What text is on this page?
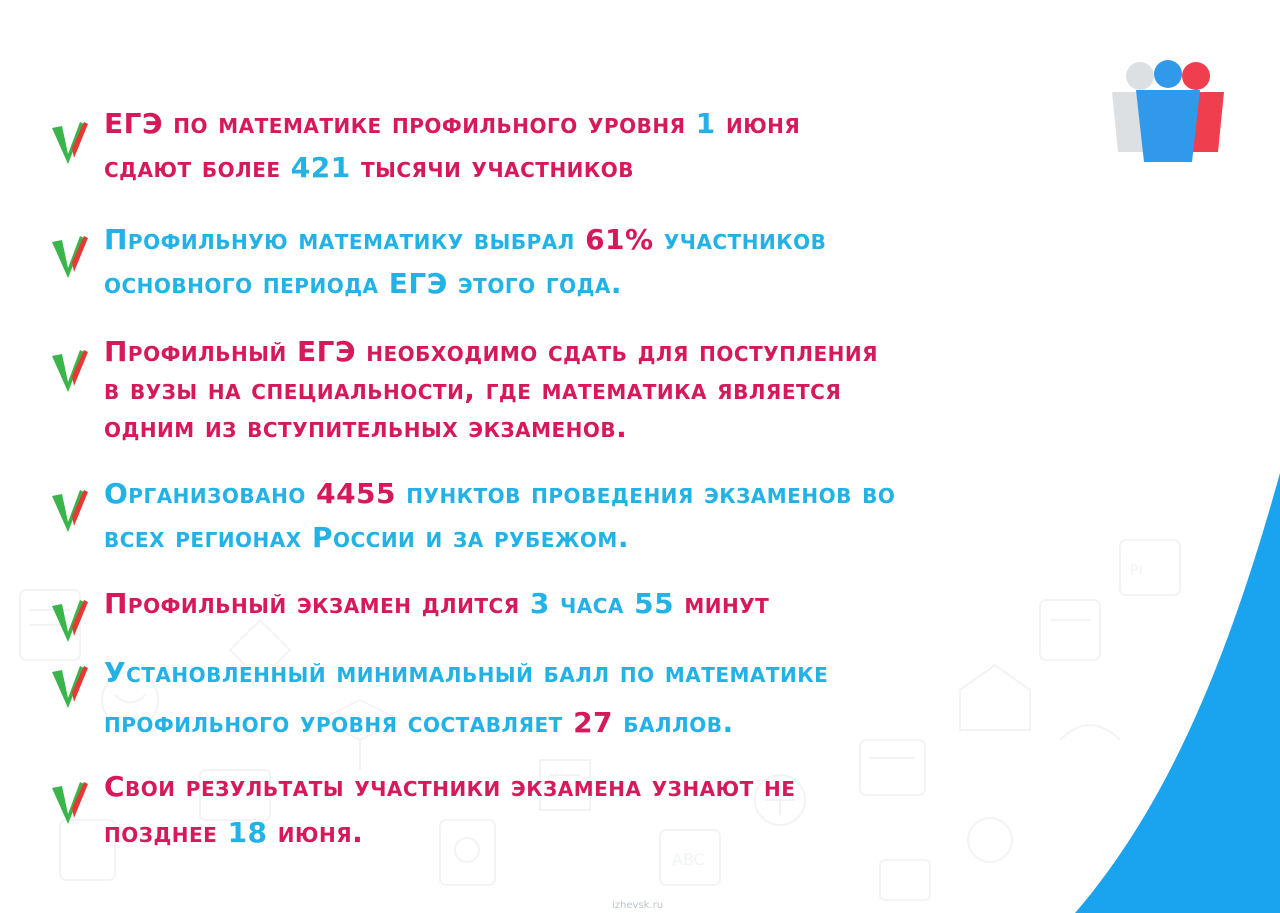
ABC
PI
ЕГЭ по математике профильного уровня 1 июня
сдают более 421 тысячи участников
Профильную математику выбрал 61% участников
основного периода ЕГЭ этого года.
Профильный ЕГЭ необходимо сдать для поступления
в вузы на специальности, где математика является
одним из вступительных экзаменов.
Организовано 4455 пунктов проведения экзаменов во
всех регионах России и за рубежом.
Профильный экзамен длится 3 часа 55 минут
Установленный минимальный балл по математике
профильного уровня составляет 27 баллов.
Свои результаты участники экзамена узнают не
позднее 18 июня.
izhevsk.ru
